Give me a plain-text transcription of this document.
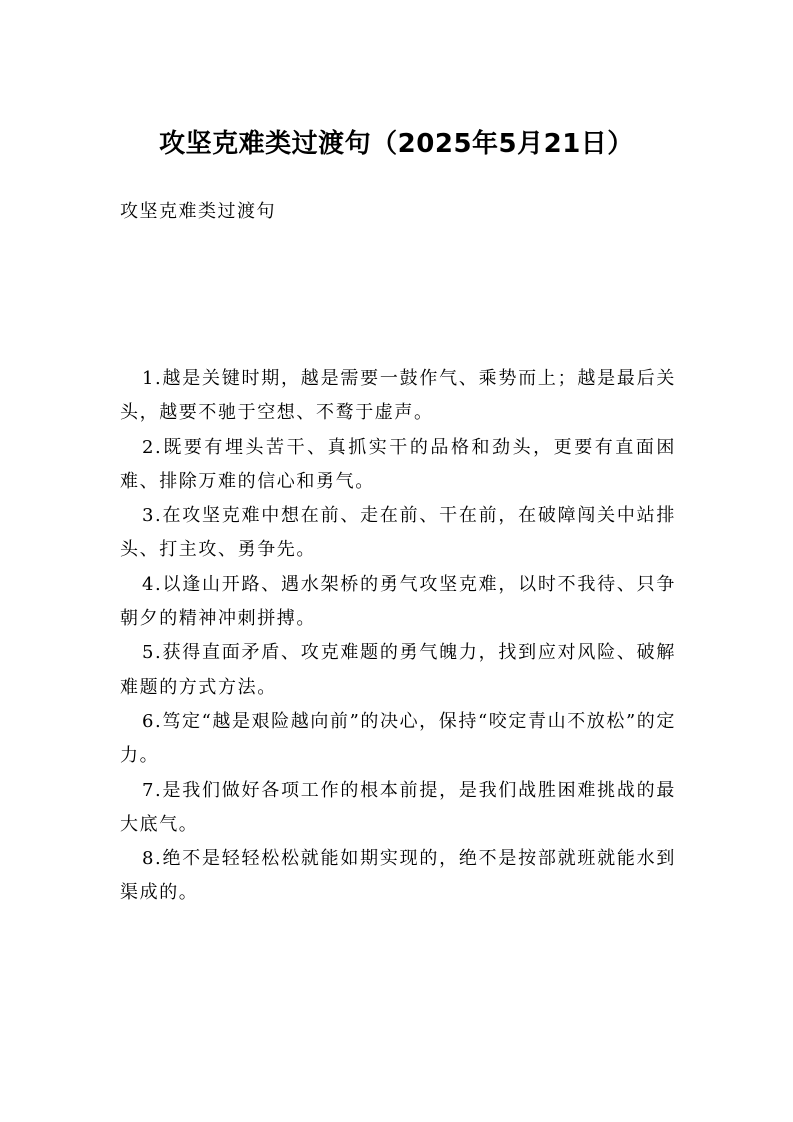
攻坚克难类过渡句（2025年5月21日）
攻坚克难类过渡句

1.越是关键时期，越是需要一鼓作气、乘势而上；越是最后关头，越要不驰于空想、不鹜于虚声。

2.既要有埋头苦干、真抓实干的品格和劲头，更要有直面困难、排除万难的信心和勇气。

3.在攻坚克难中想在前、走在前、干在前，在破障闯关中站排头、打主攻、勇争先。

4.以逢山开路、遇水架桥的勇气攻坚克难，以时不我待、只争朝夕的精神冲刺拼搏。

5.获得直面矛盾、攻克难题的勇气魄力，找到应对风险、破解难题的方式方法。

6.笃定“越是艰险越向前”的决心，保持“咬定青山不放松”的定力。

7.是我们做好各项工作的根本前提，是我们战胜困难挑战的最大底气。

8.绝不是轻轻松松就能如期实现的，绝不是按部就班就能水到渠成的。
